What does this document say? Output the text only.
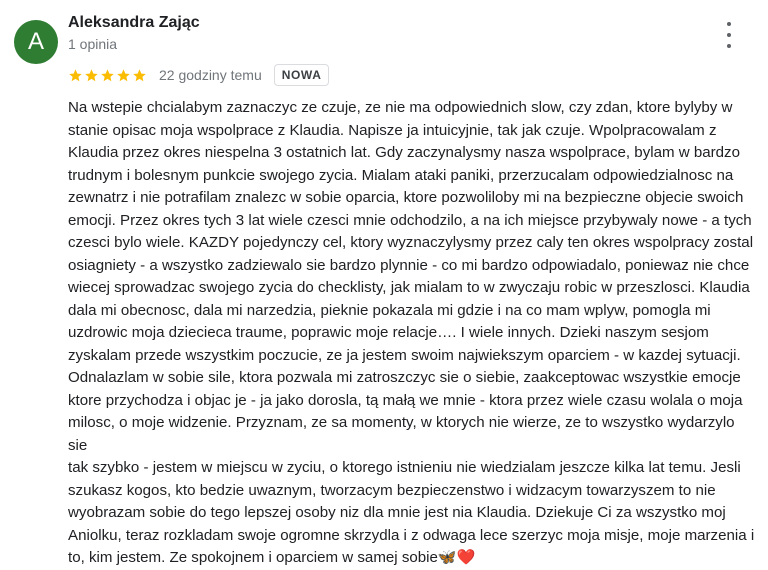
A
Aleksandra Zając
1 opinia
22 godziny temu	NOWA

Na wstepie chcialabym zaznaczyc ze czuje, ze nie ma odpowiednich slow, czy zdan, ktore bylyby w
stanie opisac moja wspolprace z Klaudia. Napisze ja intuicyjnie, tak jak czuje. Wpolpracowalam z
Klaudia przez okres niespelna 3 ostatnich lat. Gdy zaczynalysmy nasza wspolprace, bylam w bardzo
trudnym i bolesnym punkcie swojego zycia. Mialam ataki paniki, przerzucalam odpowiedzialnosc na
zewnatrz i nie potrafilam znalezc w sobie oparcia, ktore pozwoliloby mi na bezpieczne objecie swoich
emocji. Przez okres tych 3 lat wiele czesci mnie odchodzilo, a na ich miejsce przybywaly nowe - a tych
czesci bylo wiele. KAZDY pojedynczy cel, ktory wyznaczylysmy przez caly ten okres wspolpracy zostal
osiagniety - a wszystko zadziewalo sie bardzo plynnie - co mi bardzo odpowiadalo, poniewaz nie chce
wiecej sprowadzac swojego zycia do checklisty, jak mialam to w zwyczaju robic w przeszlosci. Klaudia
dala mi obecnosc, dala mi narzedzia, pieknie pokazala mi gdzie i na co mam wplyw, pomogla mi
uzdrowic moja dziecieca traume, poprawic moje relacje…. I wiele innych. Dzieki naszym sesjom
zyskalam przede wszystkim poczucie, ze ja jestem swoim najwiekszym oparciem - w kazdej sytuacji.
Odnalazlam w sobie sile, ktora pozwala mi zatroszczyc sie o siebie, zaakceptowac wszystkie emocje
ktore przychodza i objac je - ja jako dorosla, tą małą we mnie - ktora przez wiele czasu wolala o moja
milosc, o moje widzenie. Przyznam, ze sa momenty, w ktorych nie wierze, ze to wszystko wydarzylo sie
tak szybko - jestem w miejscu w zyciu, o ktorego istnieniu nie wiedzialam jeszcze kilka lat temu. Jesli
szukasz kogos, kto bedzie uwaznym, tworzacym bezpieczenstwo i widzacym towarzyszem to nie
wyobrazam sobie do tego lepszej osoby niz dla mnie jest nia Klaudia. Dziekuje Ci za wszystko moj
Aniolku, teraz rozkladam swoje ogromne skrzydla i z odwaga lece szerzyc moja misje, moje marzenia i
to, kim jestem. Ze spokojnem i oparciem w samej sobie🦋❤️
